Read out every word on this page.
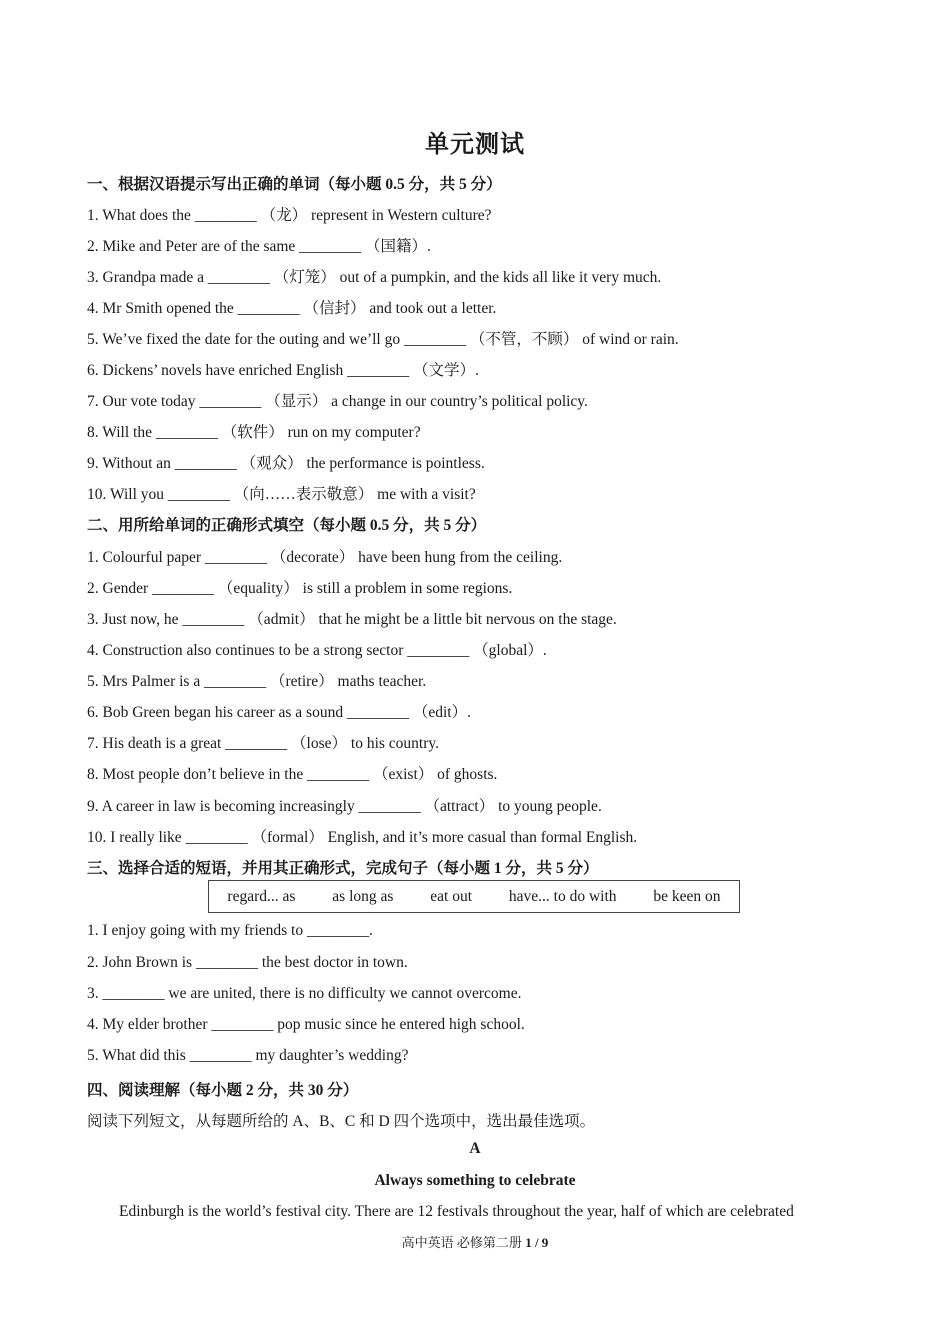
单元测试
一、根据汉语提示写出正确的单词（每小题 0.5 分，共 5 分）
1. What does the ________ （龙） represent in Western culture?
2. Mike and Peter are of the same ________ （国籍）.
3. Grandpa made a ________ （灯笼） out of a pumpkin, and the kids all like it very much.
4. Mr Smith opened the ________ （信封） and took out a letter.
5. We’ve fixed the date for the outing and we’ll go ________ （不管，不顾） of wind or rain.
6. Dickens’ novels have enriched English ________ （文学）.
7. Our vote today ________ （显示） a change in our country’s political policy.
8. Will the ________ （软件） run on my computer?
9. Without an ________ （观众） the performance is pointless.
10. Will you ________ （向……表示敬意） me with a visit?
二、用所给单词的正确形式填空（每小题 0.5 分，共 5 分）
1. Colourful paper ________ （decorate） have been hung from the ceiling.
2. Gender ________ （equality） is still a problem in some regions.
3. Just now, he ________ （admit） that he might be a little bit nervous on the stage.
4. Construction also continues to be a strong sector ________ （global）.
5. Mrs Palmer is a ________ （retire） maths teacher.
6. Bob Green began his career as a sound ________ （edit）.
7. His death is a great ________ （lose） to his country.
8. Most people don’t believe in the ________ （exist） of ghosts.
9. A career in law is becoming increasingly ________ （attract） to young people.
10. I really like ________ （formal） English, and it’s more casual than formal English.
三、选择合适的短语，并用其正确形式，完成句子（每小题 1 分，共 5 分）
regard... as as long as eat out have... to do with be keen on
1. I enjoy going with my friends to ________.
2. John Brown is ________ the best doctor in town.
3. ________ we are united, there is no difficulty we cannot overcome.
4. My elder brother ________ pop music since he entered high school.
5. What did this ________ my daughter’s wedding?
四、阅读理解（每小题 2 分，共 30 分）
阅读下列短文，从每题所给的 A、B、C 和 D 四个选项中，选出最佳选项。
A
Always something to celebrate
Edinburgh is the world’s festival city. There are 12 festivals throughout the year, half of which are celebrated
高中英语 必修第二册 1 / 9
